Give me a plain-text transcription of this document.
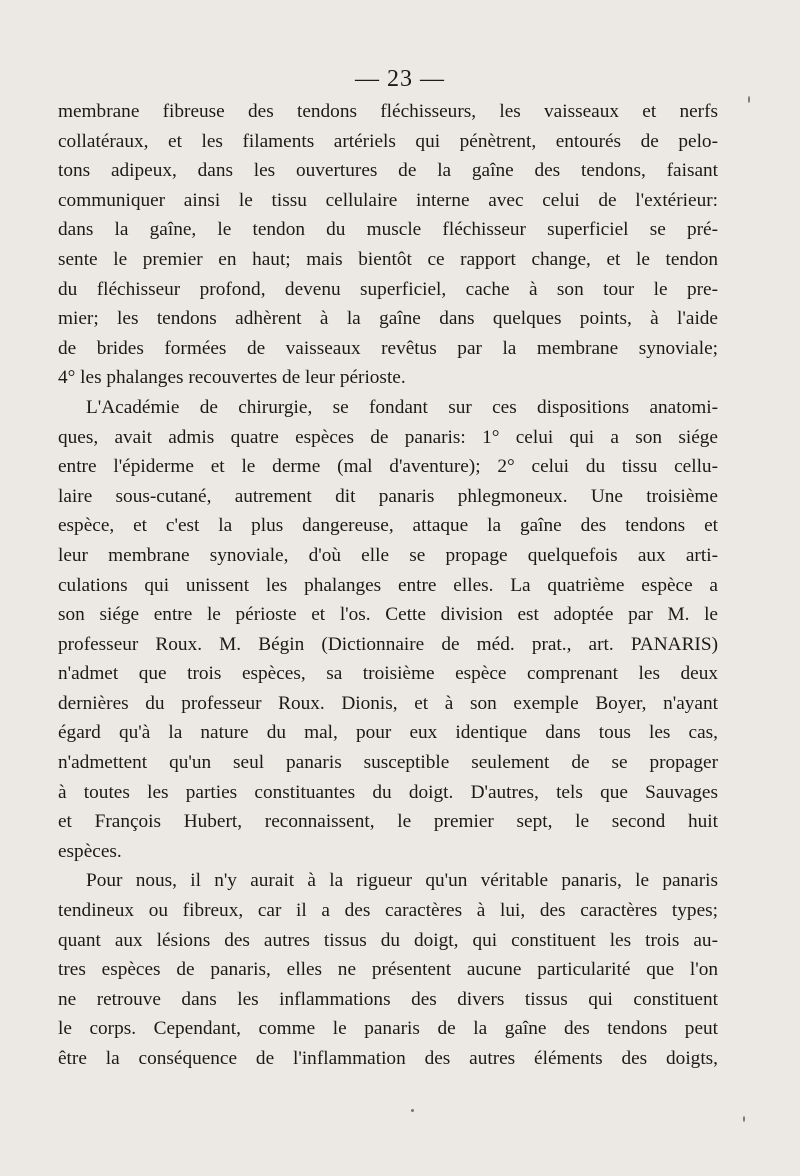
— 23 —
membrane fibreuse des tendons fléchisseurs, les vaisseaux et nerfs
collatéraux, et les filaments artériels qui pénètrent, entourés de pelo-
tons adipeux, dans les ouvertures de la gaîne des tendons, faisant
communiquer ainsi le tissu cellulaire interne avec celui de l'extérieur:
dans la gaîne, le tendon du muscle fléchisseur superficiel se pré-
sente le premier en haut; mais bientôt ce rapport change, et le tendon
du fléchisseur profond, devenu superficiel, cache à son tour le pre-
mier; les tendons adhèrent à la gaîne dans quelques points, à l'aide
de brides formées de vaisseaux revêtus par la membrane synoviale;
4° les phalanges recouvertes de leur périoste.
L'Académie de chirurgie, se fondant sur ces dispositions anatomi-
ques, avait admis quatre espèces de panaris: 1° celui qui a son siége
entre l'épiderme et le derme (mal d'aventure); 2° celui du tissu cellu-
laire sous-cutané, autrement dit panaris phlegmoneux. Une troisième
espèce, et c'est la plus dangereuse, attaque la gaîne des tendons et
leur membrane synoviale, d'où elle se propage quelquefois aux arti-
culations qui unissent les phalanges entre elles. La quatrième espèce a
son siége entre le périoste et l'os. Cette division est adoptée par M. le
professeur Roux. M. Bégin (Dictionnaire de méd. prat., art. PANARIS)
n'admet que trois espèces, sa troisième espèce comprenant les deux
dernières du professeur Roux. Dionis, et à son exemple Boyer, n'ayant
égard qu'à la nature du mal, pour eux identique dans tous les cas,
n'admettent qu'un seul panaris susceptible seulement de se propager
à toutes les parties constituantes du doigt. D'autres, tels que Sauvages
et François Hubert, reconnaissent, le premier sept, le second huit
espèces.
Pour nous, il n'y aurait à la rigueur qu'un véritable panaris, le panaris
tendineux ou fibreux, car il a des caractères à lui, des caractères types;
quant aux lésions des autres tissus du doigt, qui constituent les trois au-
tres espèces de panaris, elles ne présentent aucune particularité que l'on
ne retrouve dans les inflammations des divers tissus qui constituent
le corps. Cependant, comme le panaris de la gaîne des tendons peut
être la conséquence de l'inflammation des autres éléments des doigts,
